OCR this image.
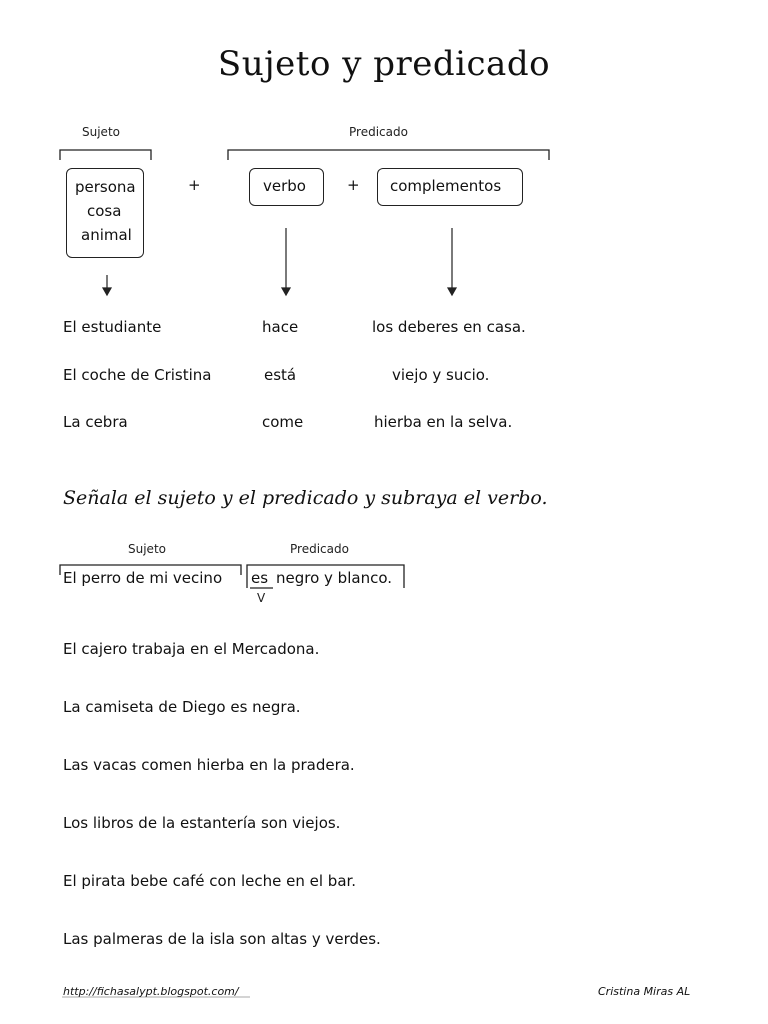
Sujeto y predicado
Sujeto	Predicado
persona
cosa
animal
+	verbo	+ complementos
El estudiante	hace	los deberes en casa.
El coche de Cristina	está	viejo y sucio.
La cebra	come	hierba en la selva.
Señala el sujeto y el predicado y subraya el verbo.
Sujeto	Predicado
El perro de mi vecino es negro y blanco.
V
El cajero trabaja en el Mercadona.
La camiseta de Diego es negra.
Las vacas comen hierba en la pradera.
Los libros de la estantería son viejos.
El pirata bebe café con leche en el bar.
Las palmeras de la isla son altas y verdes.
http://fichasalypt.blogspot.com/	Cristina Miras AL
